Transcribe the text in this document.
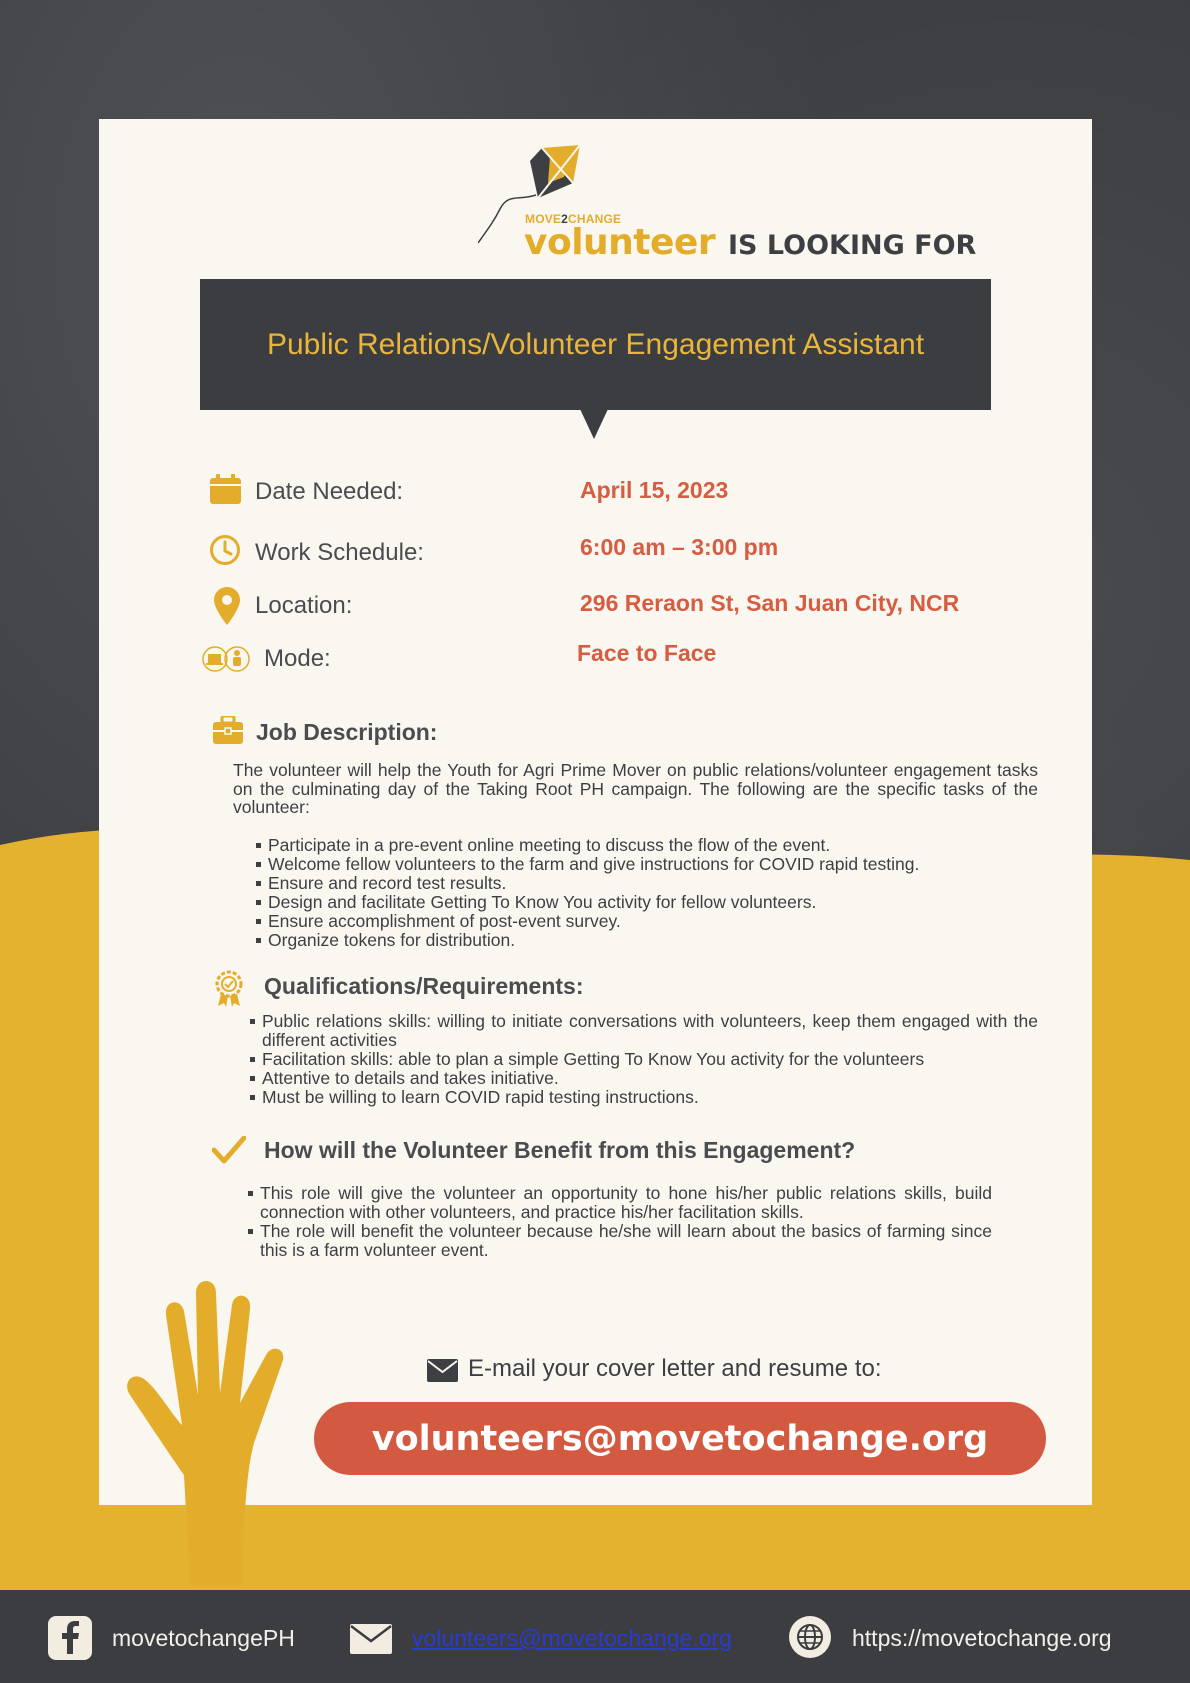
MOVE2CHANGE
volunteer IS LOOKING FOR
Public Relations/Volunteer Engagement Assistant
Date Needed:	April 15, 2023
Work Schedule:	6:00 am – 3:00 pm
Location:	296 Reraon St, San Juan City, NCR
Mode:	Face to Face
Job Description:
The volunteer will help the Youth for Agri Prime Mover on public relations/volunteer engagement tasks on the culminating day of the Taking Root PH campaign. The following are the specific tasks of the volunteer:
Participate in a pre-event online meeting to discuss the flow of the event.
Welcome fellow volunteers to the farm and give instructions for COVID rapid testing.
Ensure and record test results.
Design and facilitate Getting To Know You activity for fellow volunteers.
Ensure accomplishment of post-event survey.
Organize tokens for distribution.
Qualifications/Requirements:
Public relations skills: willing to initiate conversations with volunteers, keep them engaged with the different activities
Facilitation skills: able to plan a simple Getting To Know You activity for the volunteers
Attentive to details and takes initiative.
Must be willing to learn COVID rapid testing instructions.
How will the Volunteer Benefit from this Engagement?
This role will give the volunteer an opportunity to hone his/her public relations skills, build connection with other volunteers, and practice his/her facilitation skills.
The role will benefit the volunteer because he/she will learn about the basics of farming since this is a farm volunteer event.
E-mail your cover letter and resume to:
volunteers@movetochange.org
movetochangePH	volunteers@movetochange.org	https://movetochange.org
